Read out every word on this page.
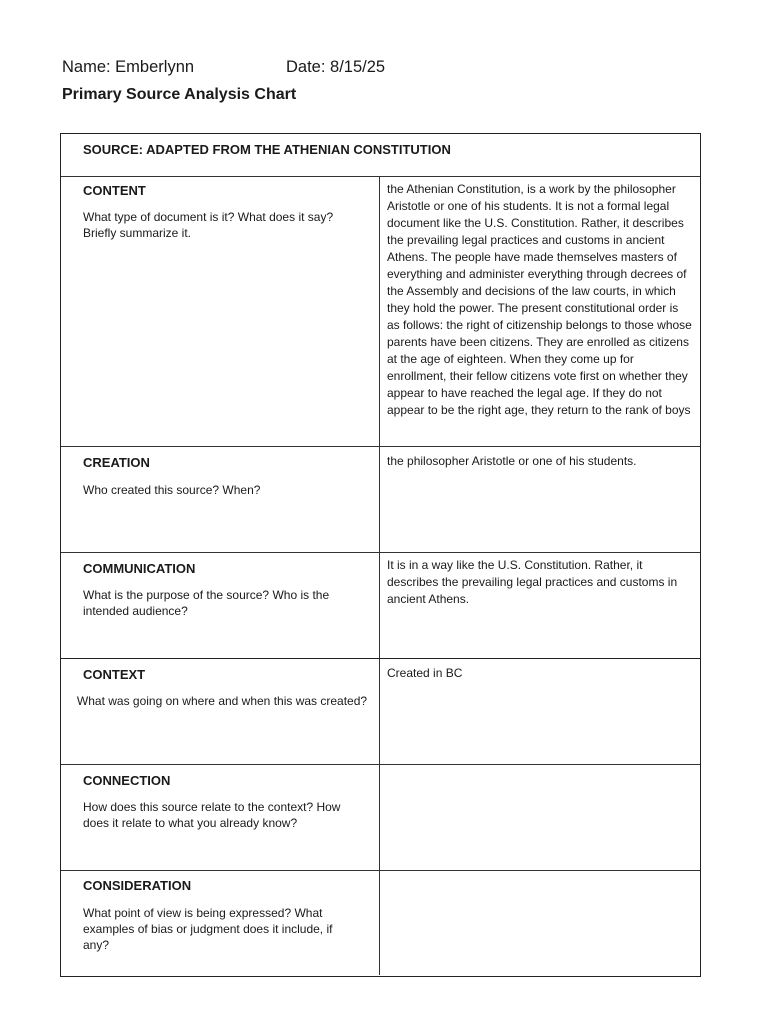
Name: Emberlynn	Date: 8/15/25
Primary Source Analysis Chart
SOURCE: ADAPTED FROM THE ATHENIAN CONSTITUTION
CONTENT
What type of document is it? What does it say? Briefly summarize it.
the Athenian Constitution, is a work by the philosopher Aristotle or one of his students. It is not a formal legal document like the U.S. Constitution. Rather, it describes the prevailing legal practices and customs in ancient Athens. The people have made themselves masters of everything and administer everything through decrees of the Assembly and decisions of the law courts, in which they hold the power. The present constitutional order is as follows: the right of citizenship belongs to those whose parents have been citizens. They are enrolled as citizens at the age of eighteen. When they come up for enrollment, their fellow citizens vote first on whether they appear to have reached the legal age. If they do not appear to be the right age, they return to the rank of boys
CREATION
Who created this source? When?
the philosopher Aristotle or one of his students.
COMMUNICATION
What is the purpose of the source? Who is the intended audience?
It is in a way like the U.S. Constitution. Rather, it describes the prevailing legal practices and customs in ancient Athens.
CONTEXT
What was going on where and when this was created?
Created in BC
CONNECTION
How does this source relate to the context? How does it relate to what you already know?
CONSIDERATION
What point of view is being expressed? What examples of bias or judgment does it include, if any?
